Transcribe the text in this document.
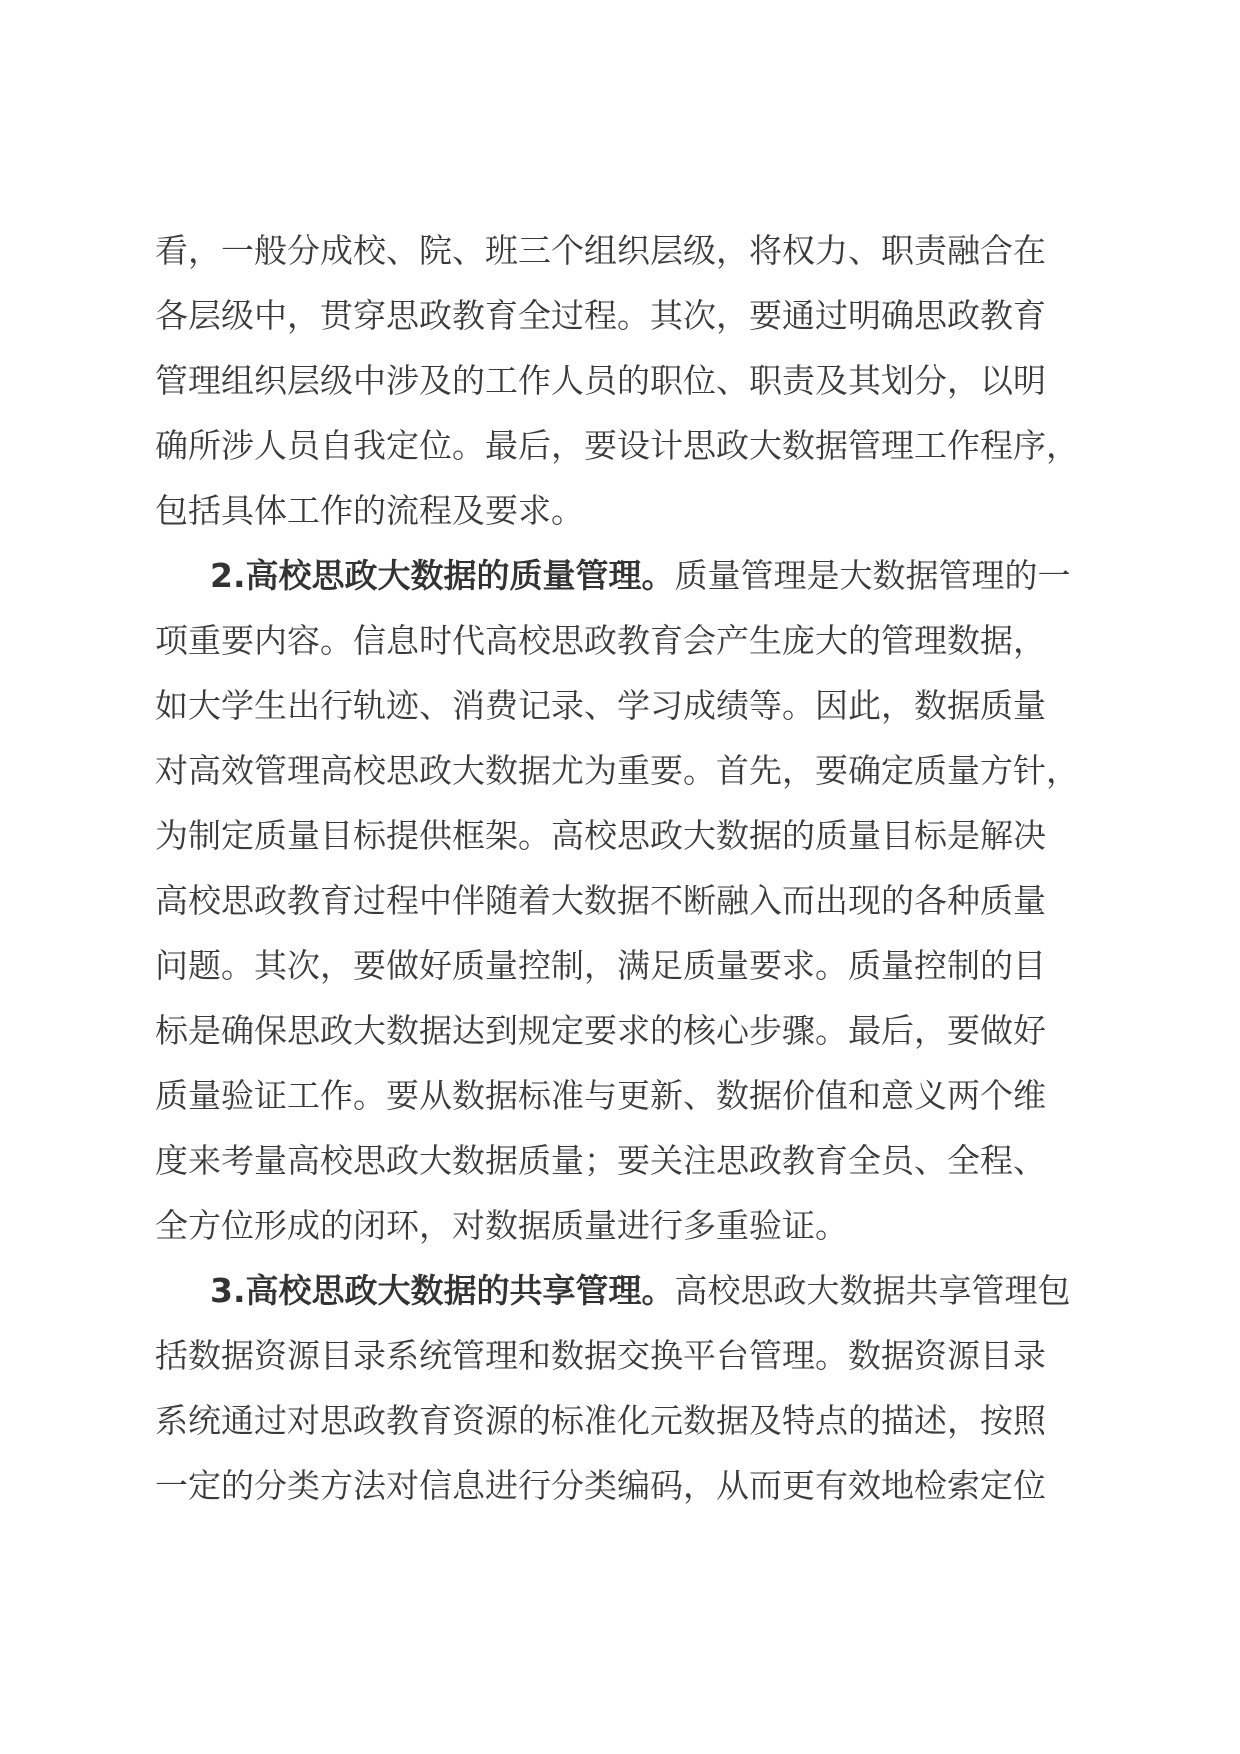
看，一般分成校、院、班三个组织层级，将权力、职责融合在
各层级中，贯穿思政教育全过程。其次，要通过明确思政教育
管理组织层级中涉及的工作人员的职位、职责及其划分，以明
确所涉人员自我定位。最后，要设计思政大数据管理工作程序，
包括具体工作的流程及要求。
2.高校思政大数据的质量管理。质量管理是大数据管理的一
项重要内容。信息时代高校思政教育会产生庞大的管理数据，
如大学生出行轨迹、消费记录、学习成绩等。因此，数据质量
对高效管理高校思政大数据尤为重要。首先，要确定质量方针，
为制定质量目标提供框架。高校思政大数据的质量目标是解决
高校思政教育过程中伴随着大数据不断融入而出现的各种质量
问题。其次，要做好质量控制，满足质量要求。质量控制的目
标是确保思政大数据达到规定要求的核心步骤。最后，要做好
质量验证工作。要从数据标准与更新、数据价值和意义两个维
度来考量高校思政大数据质量；要关注思政教育全员、全程、
全方位形成的闭环，对数据质量进行多重验证。
3.高校思政大数据的共享管理。高校思政大数据共享管理包
括数据资源目录系统管理和数据交换平台管理。数据资源目录
系统通过对思政教育资源的标准化元数据及特点的描述，按照
一定的分类方法对信息进行分类编码，从而更有效地检索定位
